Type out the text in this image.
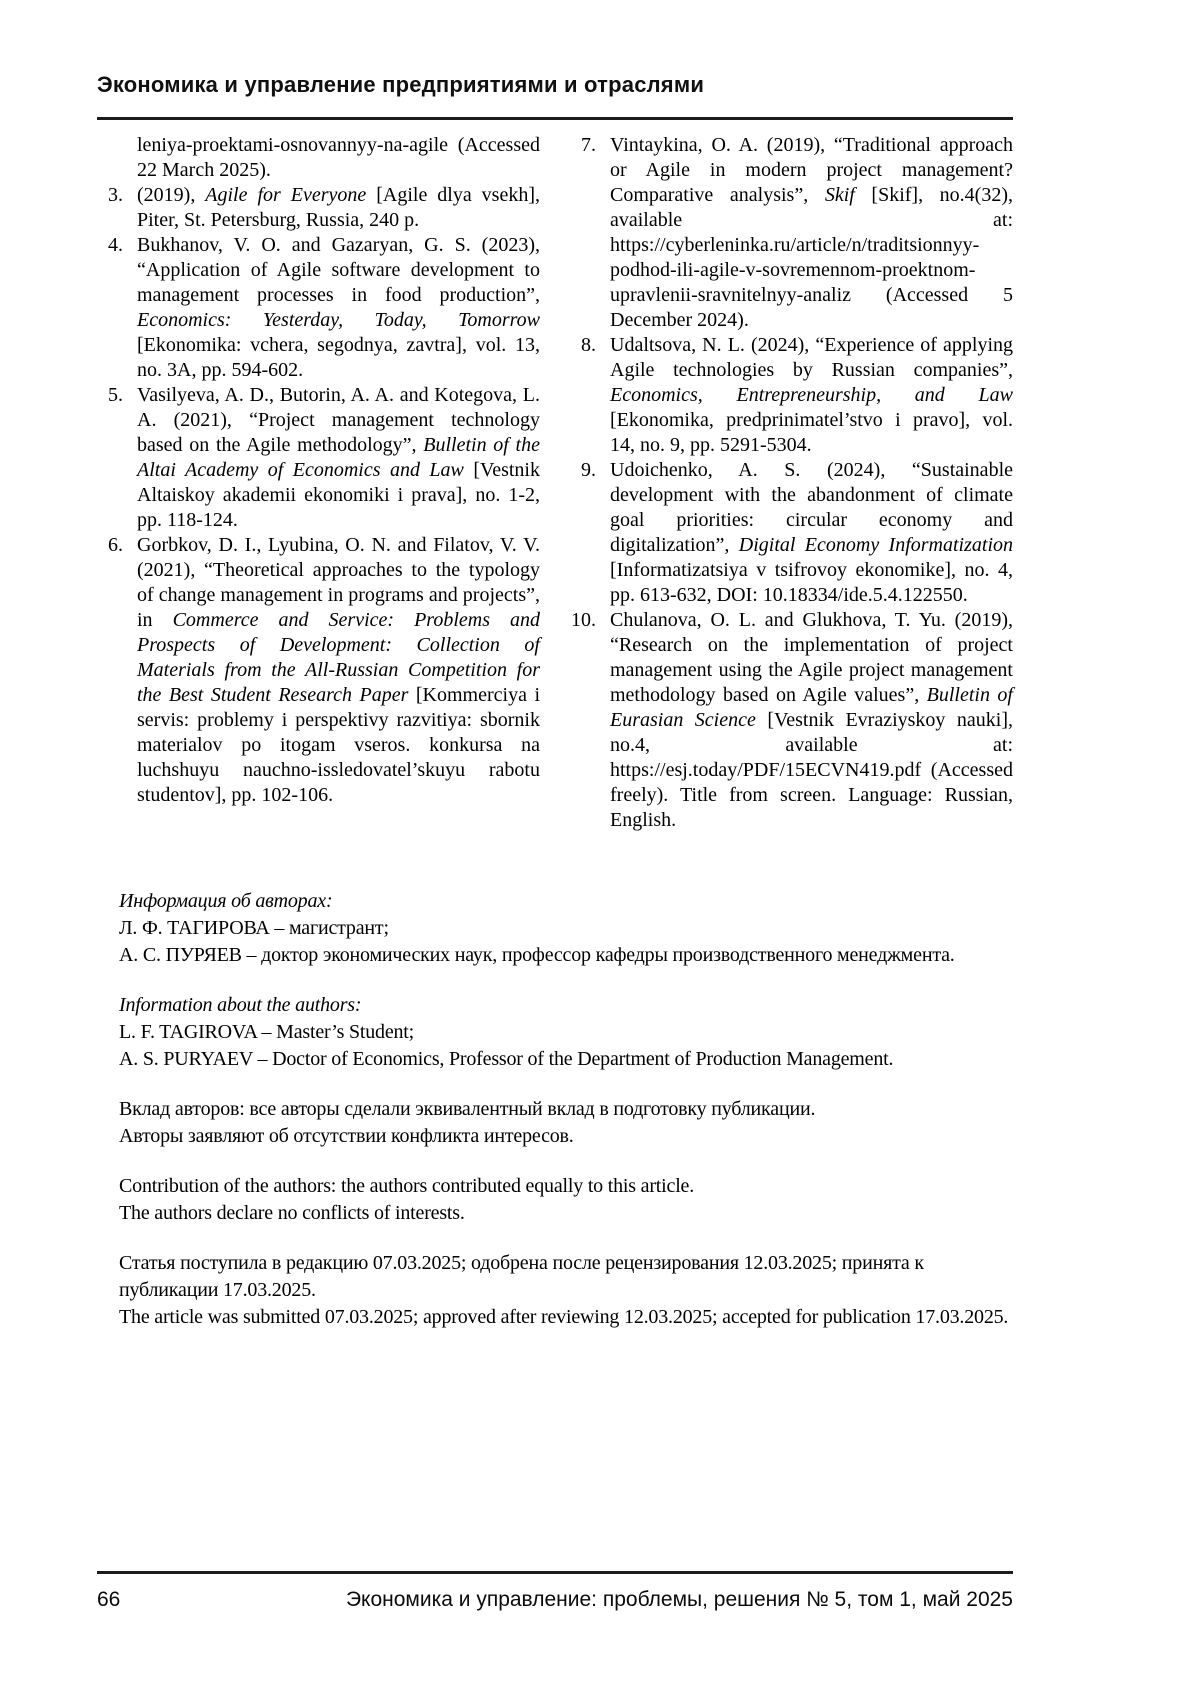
Экономика и управление предприятиями и отраслями
leniya-proektami-osnovannyy-na-agile (Accessed 22 March 2025).
3. (2019), Agile for Everyone [Agile dlya vsekh], Piter, St. Petersburg, Russia, 240 p.
4. Bukhanov, V. O. and Gazaryan, G. S. (2023), “Application of Agile software development to management processes in food production”, Economics: Yesterday, Today, Tomorrow [Ekonomika: vchera, segodnya, zavtra], vol. 13, no. 3A, pp. 594-602.
5. Vasilyeva, A. D., Butorin, A. A. and Kotegova, L. A. (2021), “Project management technology based on the Agile methodology”, Bulletin of the Altai Academy of Economics and Law [Vestnik Altaiskoy akademii ekonomiki i prava], no. 1-2, pp. 118-124.
6. Gorbkov, D. I., Lyubina, O. N. and Filatov, V. V. (2021), “Theoretical approaches to the typology of change management in programs and projects”, in Commerce and Service: Problems and Prospects of Development: Collection of Materials from the All-Russian Competition for the Best Student Research Paper [Kommerciya i servis: problemy i perspektivy razvitiya: sbornik materialov po itogam vseros. konkursa na luchshuyu nauchno-issledovatel’skuyu rabotu studentov], pp. 102-106.
7. Vintaykina, O. A. (2019), “Traditional approach or Agile in modern project management? Comparative analysis”, Skif [Skif], no.4(32), available at: https://cyberleninka.ru/article/n/traditsionnyy-podhod-ili-agile-v-sovremennom-proektnom-upravlenii-sravnitelnyy-analiz (Accessed 5 December 2024).
8. Udaltsova, N. L. (2024), “Experience of applying Agile technologies by Russian companies”, Economics, Entrepreneurship, and Law [Ekonomika, predprinimatel’stvo i pravo], vol. 14, no. 9, pp. 5291-5304.
9. Udoichenko, A. S. (2024), “Sustainable development with the abandonment of climate goal priorities: circular economy and digitalization”, Digital Economy Informatization [Informatizatsiya v tsifrovoy ekonomike], no. 4, pp. 613-632, DOI: 10.18334/ide.5.4.122550.
10. Chulanova, O. L. and Glukhova, T. Yu. (2019), “Research on the implementation of project management using the Agile project management methodology based on Agile values”, Bulletin of Eurasian Science [Vestnik Evraziyskoy nauki], no.4, available at: https://esj.today/PDF/15ECVN419.pdf (Accessed freely). Title from screen. Language: Russian, English.
Информация об авторах:
Л. Ф. ТАГИРОВА – магистрант;
А. С. ПУРЯЕВ – доктор экономических наук, профессор кафедры производственного менеджмента.
Information about the authors:
L. F. TAGIROVA – Master’s Student;
A. S. PURYAEV – Doctor of Economics, Professor of the Department of Production Management.
Вклад авторов: все авторы сделали эквивалентный вклад в подготовку публикации.
Авторы заявляют об отсутствии конфликта интересов.
Contribution of the authors: the authors contributed equally to this article.
The authors declare no conflicts of interests.
Статья поступила в редакцию 07.03.2025; одобрена после рецензирования 12.03.2025; принята к публикации 17.03.2025.
The article was submitted 07.03.2025; approved after reviewing 12.03.2025; accepted for publication 17.03.2025.
66	Экономика и управление: проблемы, решения № 5, том 1, май 2025
